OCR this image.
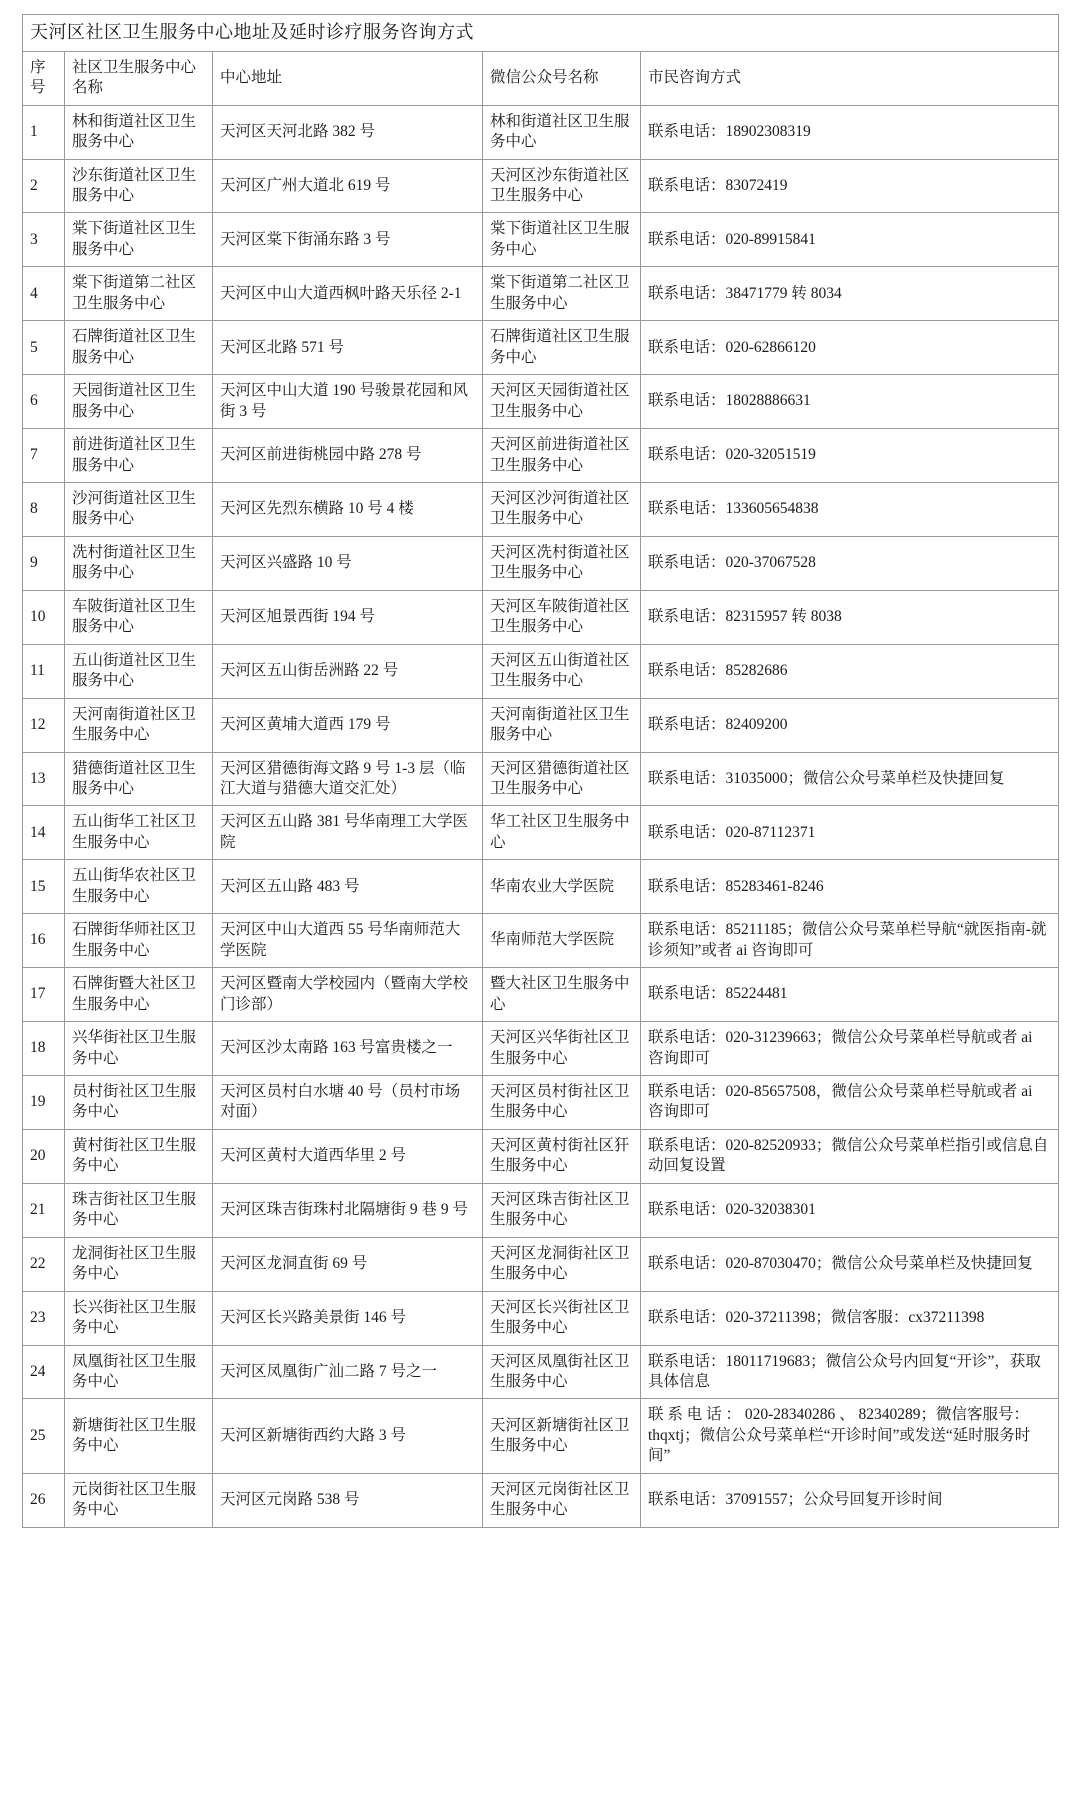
天河区社区卫生服务中心地址及延时诊疗服务咨询方式				
序号	社区卫生服务中心名称	中心地址	微信公众号名称	市民咨询方式
1	林和街道社区卫生服务中心	天河区天河北路 382 号	林和街道社区卫生服务中心	联系电话：18902308319
2	沙东街道社区卫生服务中心	天河区广州大道北 619 号	天河区沙东街道社区卫生服务中心	联系电话：83072419
3	棠下街道社区卫生服务中心	天河区棠下街涌东路 3 号	棠下街道社区卫生服务中心	联系电话：020-89915841
4	棠下街道第二社区卫生服务中心	天河区中山大道西枫叶路天乐径 2-1	棠下街道第二社区卫生服务中心	联系电话：38471779 转 8034
5	石牌街道社区卫生服务中心	天河区北路 571 号	石牌街道社区卫生服务中心	联系电话：020-62866120
6	天园街道社区卫生服务中心	天河区中山大道 190 号骏景花园和风街 3 号	天河区天园街道社区卫生服务中心	联系电话：18028886631
7	前进街道社区卫生服务中心	天河区前进街桃园中路 278 号	天河区前进街道社区卫生服务中心	联系电话：020-32051519
8	沙河街道社区卫生服务中心	天河区先烈东横路 10 号 4 楼	天河区沙河街道社区卫生服务中心	联系电话：133605654838
9	冼村街道社区卫生服务中心	天河区兴盛路 10 号	天河区冼村街道社区卫生服务中心	联系电话：020-37067528
10	车陂街道社区卫生服务中心	天河区旭景西街 194 号	天河区车陂街道社区卫生服务中心	联系电话：82315957 转 8038
11	五山街道社区卫生服务中心	天河区五山街岳洲路 22 号	天河区五山街道社区卫生服务中心	联系电话：85282686
12	天河南街道社区卫生服务中心	天河区黄埔大道西 179 号	天河南街道社区卫生服务中心	联系电话：82409200
13	猎德街道社区卫生服务中心	天河区猎德街海文路 9 号 1-3 层（临江大道与猎德大道交汇处）	天河区猎德街道社区卫生服务中心	联系电话：31035000；微信公众号菜单栏及快捷回复
14	五山街华工社区卫生服务中心	天河区五山路 381 号华南理工大学医院	华工社区卫生服务中心	联系电话：020-87112371
15	五山街华农社区卫生服务中心	天河区五山路 483 号	华南农业大学医院	联系电话：85283461-8246
16	石牌街华师社区卫生服务中心	天河区中山大道西 55 号华南师范大学医院	华南师范大学医院	联系电话：85211185；微信公众号菜单栏导航“就医指南-就诊须知”或者 ai 咨询即可
17	石牌街暨大社区卫生服务中心	天河区暨南大学校园内（暨南大学校门诊部）	暨大社区卫生服务中心	联系电话：85224481
18	兴华街社区卫生服务中心	天河区沙太南路 163 号富贵楼之一	天河区兴华街社区卫生服务中心	联系电话：020-31239663；微信公众号菜单栏导航或者 ai 咨询即可
19	员村街社区卫生服务中心	天河区员村白水塘 40 号（员村市场对面）	天河区员村街社区卫生服务中心	联系电话：020-85657508，微信公众号菜单栏导航或者 ai 咨询即可
20	黄村街社区卫生服务中心	天河区黄村大道西华里 2 号	天河区黄村街社区犴生服务中心	联系电话：020-82520933；微信公众号菜单栏指引或信息自动回复设置
21	珠吉街社区卫生服务中心	天河区珠吉街珠村北隔塘街 9 巷 9 号	天河区珠吉街社区卫生服务中心	联系电话：020-32038301
22	龙洞街社区卫生服务中心	天河区龙洞直街 69 号	天河区龙洞街社区卫生服务中心	联系电话：020-87030470；微信公众号菜单栏及快捷回复
23	长兴街社区卫生服务中心	天河区长兴路美景街 146 号	天河区长兴街社区卫生服务中心	联系电话：020-37211398；微信客服：cx37211398
24	凤凰街社区卫生服务中心	天河区凤凰街广汕二路 7 号之一	天河区凤凰街社区卫生服务中心	联系电话：18011719683；微信公众号内回复“开诊”，获取具体信息
25	新塘街社区卫生服务中心	天河区新塘街西约大路 3 号	天河区新塘街社区卫生服务中心	联 系 电 话 ： 020-28340286 、 82340289；微信客服号：thqxtj；微信公众号菜单栏“开诊时间”或发送“延时服务时间”
26	元岗街社区卫生服务中心	天河区元岗路 538 号	天河区元岗街社区卫生服务中心	联系电话：37091557；公众号回复开诊时间
